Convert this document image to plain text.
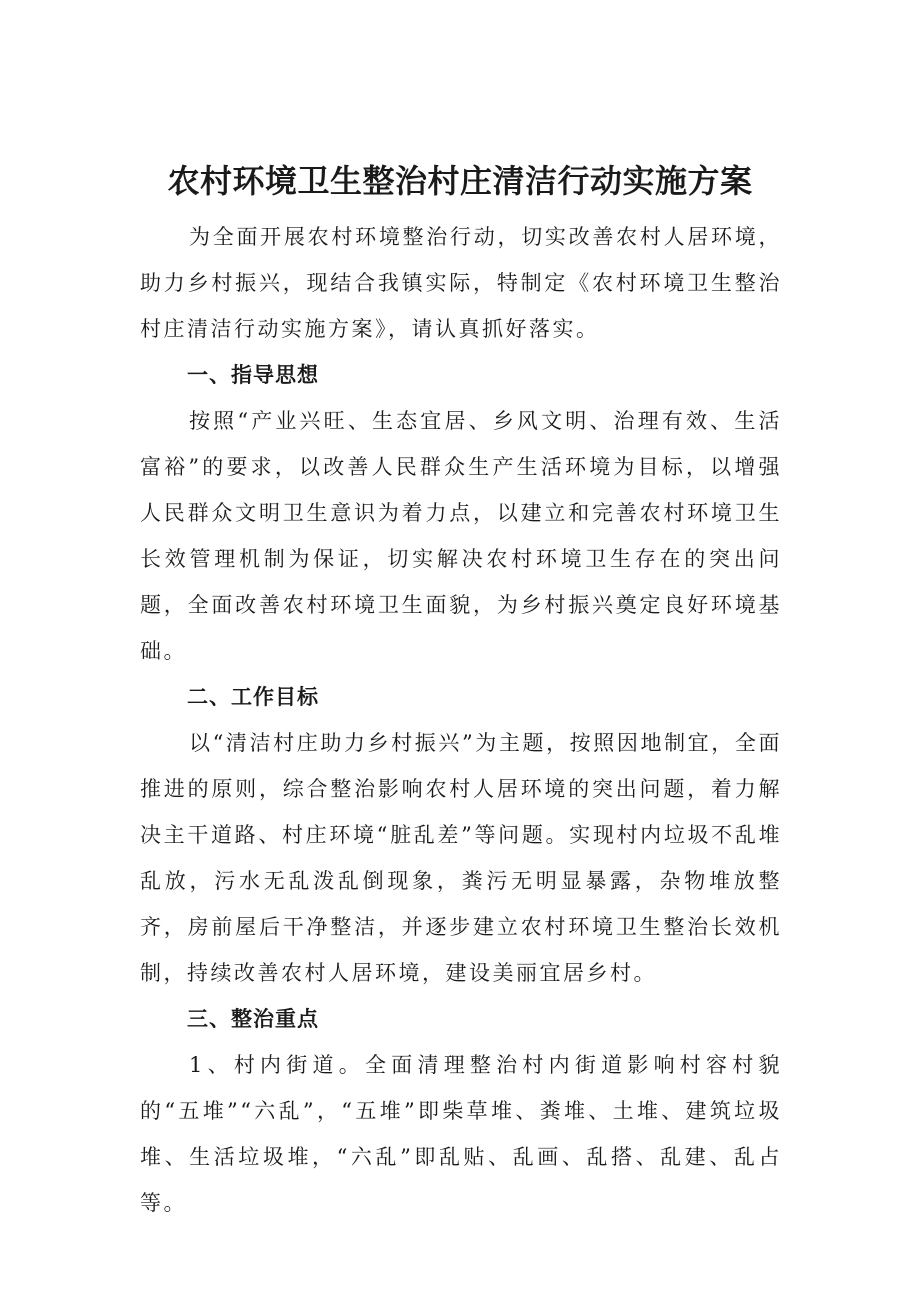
农村环境卫生整治村庄清洁行动实施方案

为全面开展农村环境整治行动，切实改善农村人居环境，助力乡村振兴，现结合我镇实际，特制定《农村环境卫生整治村庄清洁行动实施方案》，请认真抓好落实。

一、指导思想

按照“产业兴旺、生态宜居、乡风文明、治理有效、生活富裕”的要求，以改善人民群众生产生活环境为目标，以增强人民群众文明卫生意识为着力点，以建立和完善农村环境卫生长效管理机制为保证，切实解决农村环境卫生存在的突出问题，全面改善农村环境卫生面貌，为乡村振兴奠定良好环境基础。

二、工作目标

以“清洁村庄助力乡村振兴”为主题，按照因地制宜，全面推进的原则，综合整治影响农村人居环境的突出问题，着力解决主干道路、村庄环境“脏乱差”等问题。实现村内垃圾不乱堆乱放，污水无乱泼乱倒现象，粪污无明显暴露，杂物堆放整齐，房前屋后干净整洁，并逐步建立农村环境卫生整治长效机制，持续改善农村人居环境，建设美丽宜居乡村。

三、整治重点

1、村内街道。全面清理整治村内街道影响村容村貌的“五堆”“六乱”，“五堆”即柴草堆、粪堆、土堆、建筑垃圾堆、生活垃圾堆，“六乱”即乱贴、乱画、乱搭、乱建、乱占等。
